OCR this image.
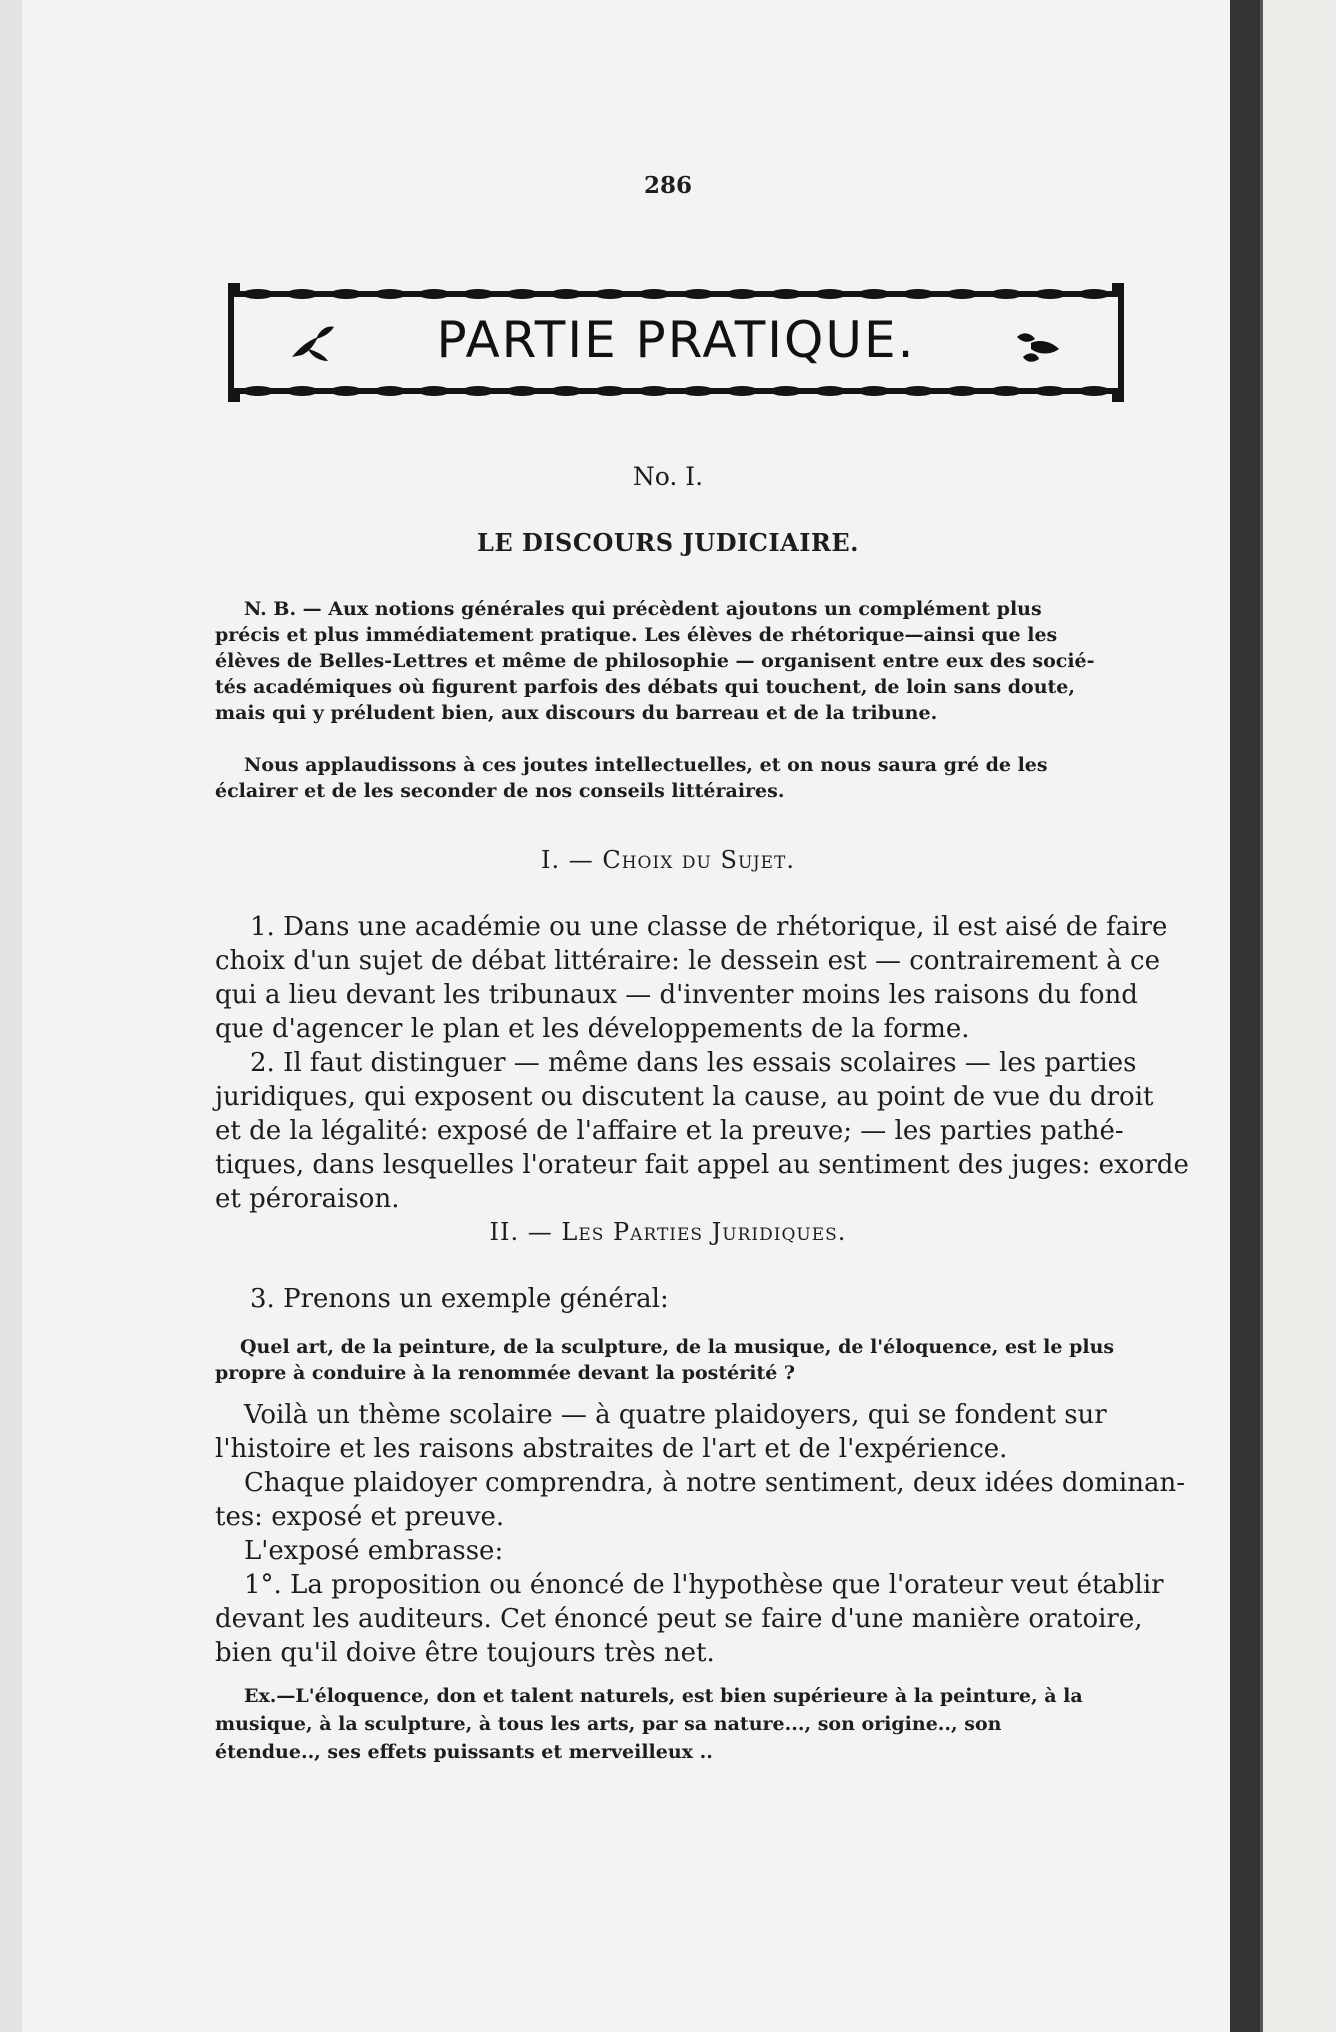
286
PARTIE PRATIQUE.
No. I.
LE DISCOURS JUDICIAIRE.
N. B. — Aux notions générales qui précèdent ajoutons un complément plus
précis et plus immédiatement pratique. Les élèves de rhétorique—ainsi que les
élèves de Belles-Lettres et même de philosophie — organisent entre eux des socié-
tés académiques où figurent parfois des débats qui touchent, de loin sans doute,
mais qui y préludent bien, aux discours du barreau et de la tribune.
Nous applaudissons à ces joutes intellectuelles, et on nous saura gré de les
éclairer et de les seconder de nos conseils littéraires.
I. — Choix du Sujet.
1. Dans une académie ou une classe de rhétorique, il est aisé de faire
choix d'un sujet de débat littéraire: le dessein est — contrairement à ce
qui a lieu devant les tribunaux — d'inventer moins les raisons du fond
que d'agencer le plan et les développements de la forme.
2. Il faut distinguer — même dans les essais scolaires — les parties
juridiques, qui exposent ou discutent la cause, au point de vue du droit
et de la légalité: exposé de l'affaire et la preuve; — les parties pathé-
tiques, dans lesquelles l'orateur fait appel au sentiment des juges: exorde
et péroraison.
II. — Les Parties Juridiques.
3. Prenons un exemple général:
Quel art, de la peinture, de la sculpture, de la musique, de l'éloquence, est le plus
propre à conduire à la renommée devant la postérité ?
Voilà un thème scolaire — à quatre plaidoyers, qui se fondent sur
l'histoire et les raisons abstraites de l'art et de l'expérience.
Chaque plaidoyer comprendra, à notre sentiment, deux idées dominan-
tes: exposé et preuve.
L'exposé embrasse:
1°. La proposition ou énoncé de l'hypothèse que l'orateur veut établir
devant les auditeurs. Cet énoncé peut se faire d'une manière oratoire,
bien qu'il doive être toujours très net.
Ex.—L'éloquence, don et talent naturels, est bien supérieure à la peinture, à la
musique, à la sculpture, à tous les arts, par sa nature..., son origine.., son
étendue.., ses effets puissants et merveilleux ..
